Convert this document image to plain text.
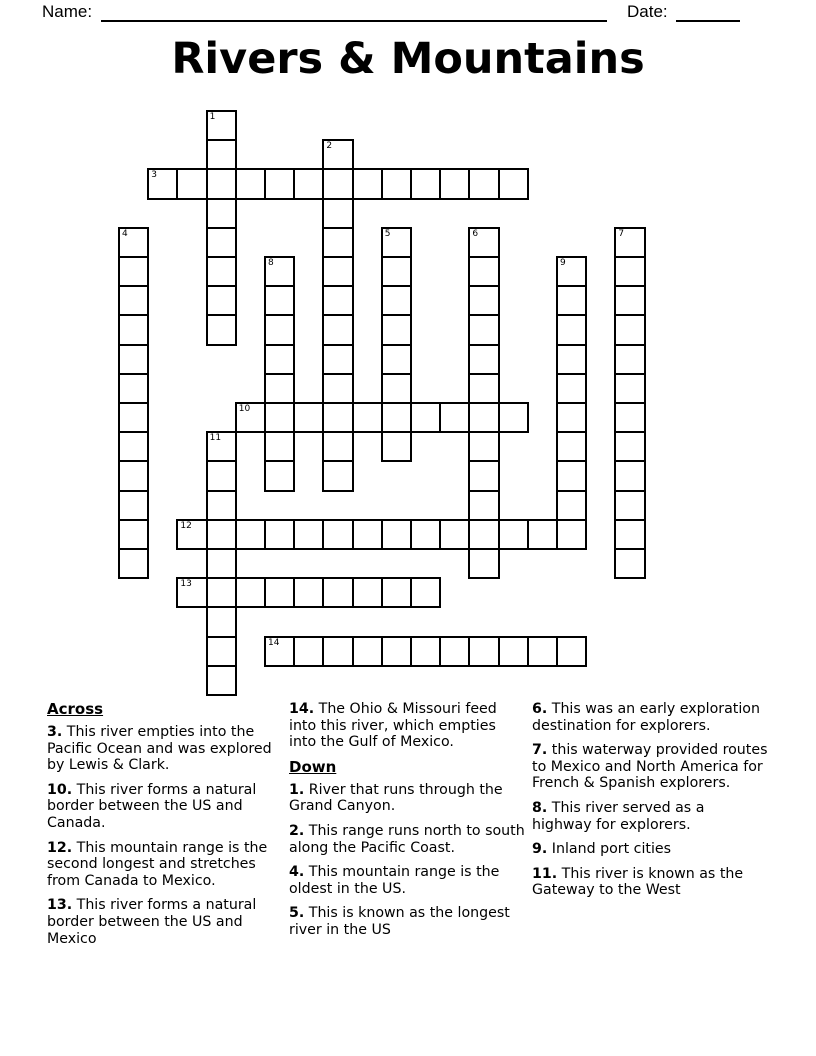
Name:	Date:
Rivers & Mountains
1
2
3
4	5	6	7
8	9
10
11
12
13
14
Across

3. This river empties into the Pacific Ocean and was explored by Lewis & Clark.

10. This river forms a natural border between the US and Canada.

12. This mountain range is the second longest and stretches from Canada to Mexico.

13. This river forms a natural border between the US and Mexico

14. The Ohio & Missouri feed into this river, which empties into the Gulf of Mexico.

Down

1. River that runs through the Grand Canyon.

2. This range runs north to south along the Pacific Coast.

4. This mountain range is the oldest in the US.

5. This is known as the longest river in the US

6. This was an early exploration destination for explorers.

7. this waterway provided routes to Mexico and North America for French & Spanish explorers.

8. This river served as a highway for explorers.

9. Inland port cities

11. This river is known as the Gateway to the West
